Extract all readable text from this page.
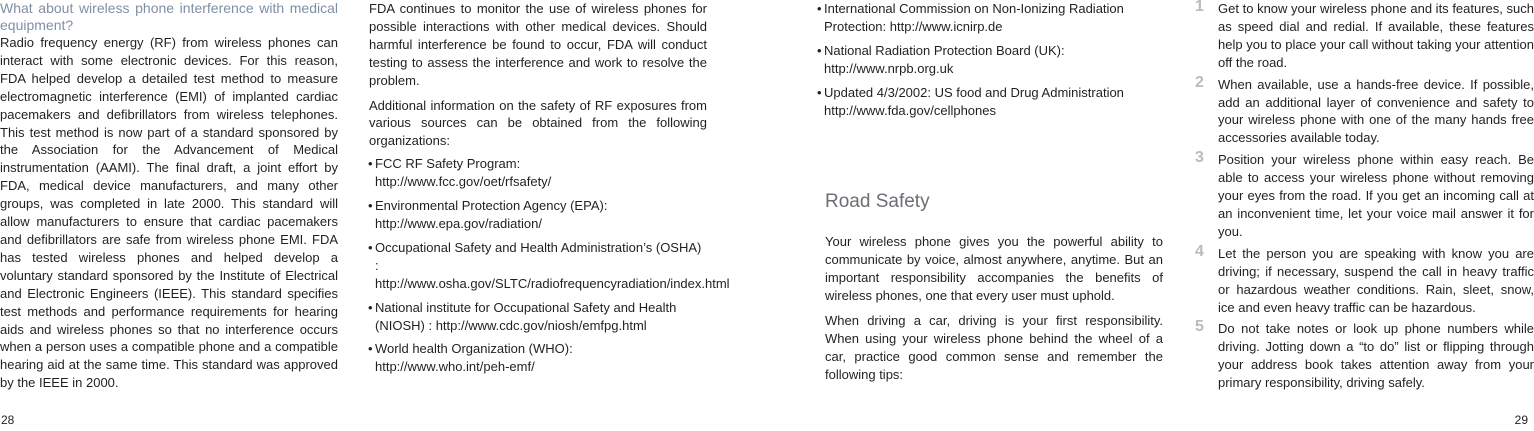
What about wireless phone interference with medical equipment?

Radio frequency energy (RF) from wireless phones can interact with some electronic devices. For this reason, FDA helped develop a detailed test method to measure electromagnetic interference (EMI) of implanted cardiac pacemakers and defibrillators from wireless telephones. This test method is now part of a standard sponsored by the Association for the Advancement of Medical instrumentation (AAMI). The final draft, a joint effort by FDA, medical device manufacturers, and many other groups, was completed in late 2000. This standard will allow manufacturers to ensure that cardiac pacemakers and defibrillators are safe from wireless phone EMI. FDA has tested wireless phones and helped develop a voluntary standard sponsored by the Institute of Electrical and Electronic Engineers (IEEE). This standard specifies test methods and performance requirements for hearing aids and wireless phones so that no interference occurs when a person uses a compatible phone and a compatible hearing aid at the same time. This standard was approved by the IEEE in 2000.

FDA continues to monitor the use of wireless phones for possible interactions with other medical devices. Should harmful interference be found to occur, FDA will conduct testing to assess the interference and work to resolve the problem.

Additional information on the safety of RF exposures from various sources can be obtained from the following organizations:

• FCC RF Safety Program:
http://www.fcc.gov/oet/rfsafety/
• Environmental Protection Agency (EPA):
http://www.epa.gov/radiation/
• Occupational Safety and Health Administration’s (OSHA) : http://www.osha.gov/SLTC/radiofrequencyradiation/index.html
• National institute for Occupational Safety and Health (NIOSH) : http://www.cdc.gov/niosh/emfpg.html
• World health Organization (WHO): http://www.who.int/peh-emf/
28
• International Commission on Non-Ionizing Radiation Protection: http://www.icnirp.de
• National Radiation Protection Board (UK): http://www.nrpb.org.uk
• Updated 4/3/2002: US food and Drug Administration
http://www.fda.gov/cellphones

Road Safety

Your wireless phone gives you the powerful ability to communicate by voice, almost anywhere, anytime. But an important responsibility accompanies the benefits of wireless phones, one that every user must uphold.

When driving a car, driving is your first responsibility. When using your wireless phone behind the wheel of a car, practice good common sense and remember the following tips:

1 Get to know your wireless phone and its features, such as speed dial and redial. If available, these features help you to place your call without taking your attention off the road.
2 When available, use a hands-free device. If possible, add an additional layer of convenience and safety to your wireless phone with one of the many hands free accessories available today.
3 Position your wireless phone within easy reach. Be able to access your wireless phone without removing your eyes from the road. If you get an incoming call at an inconvenient time, let your voice mail answer it for you.
4 Let the person you are speaking with know you are driving; if necessary, suspend the call in heavy traffic or hazardous weather conditions. Rain, sleet, snow, ice and even heavy traffic can be hazardous.
5 Do not take notes or look up phone numbers while driving. Jotting down a “to do” list or flipping through your address book takes attention away from your primary responsibility, driving safely.
29
